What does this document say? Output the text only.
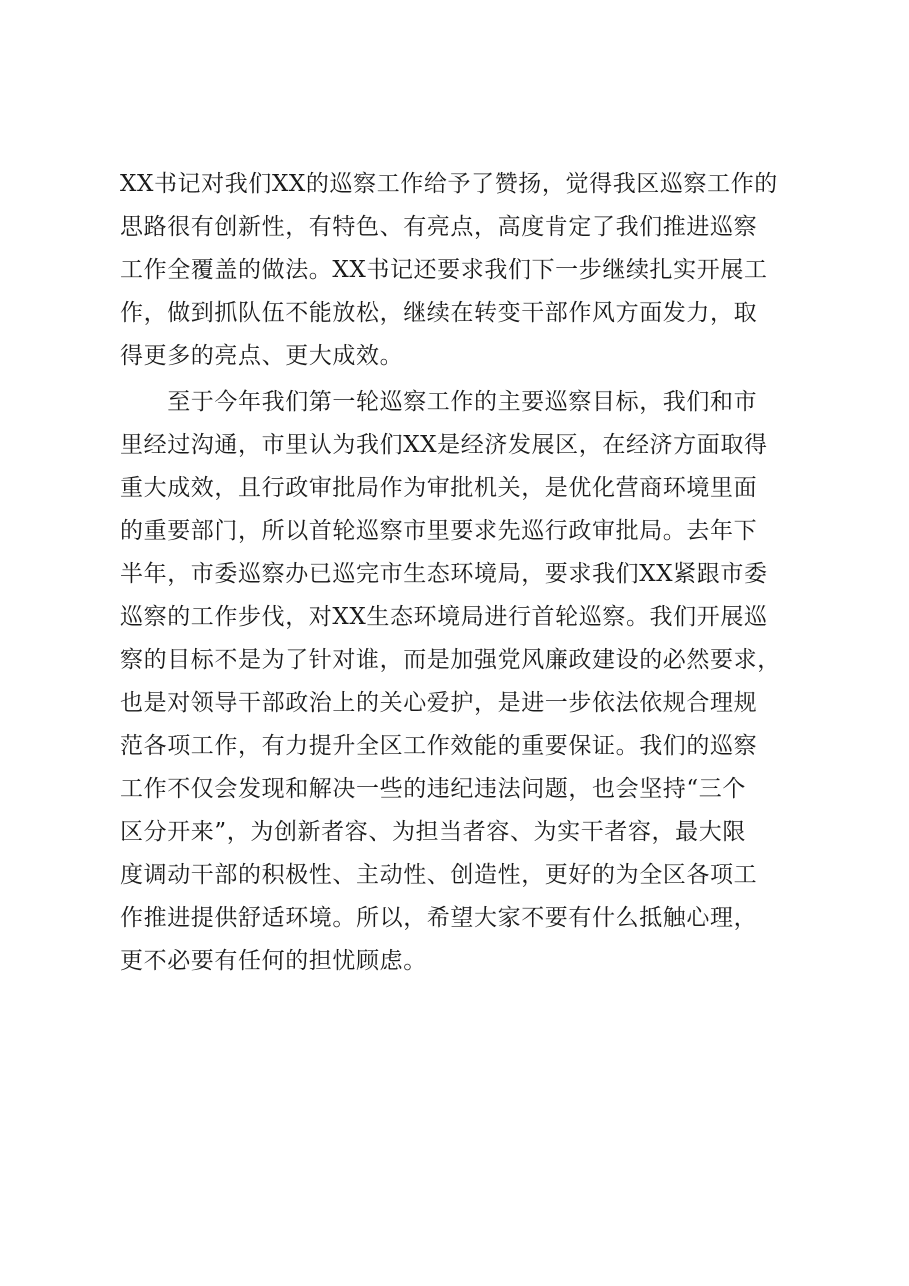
XX书记对我们XX的巡察工作给予了赞扬，觉得我区巡察工作的
思路很有创新性，有特色、有亮点，高度肯定了我们推进巡察
工作全覆盖的做法。XX书记还要求我们下一步继续扎实开展工
作，做到抓队伍不能放松，继续在转变干部作风方面发力，取
得更多的亮点、更大成效。
　　至于今年我们第一轮巡察工作的主要巡察目标，我们和市
里经过沟通，市里认为我们XX是经济发展区，在经济方面取得
重大成效，且行政审批局作为审批机关，是优化营商环境里面
的重要部门，所以首轮巡察市里要求先巡行政审批局。去年下
半年，市委巡察办已巡完市生态环境局，要求我们XX紧跟市委
巡察的工作步伐，对XX生态环境局进行首轮巡察。我们开展巡
察的目标不是为了针对谁，而是加强党风廉政建设的必然要求，
也是对领导干部政治上的关心爱护，是进一步依法依规合理规
范各项工作，有力提升全区工作效能的重要保证。我们的巡察
工作不仅会发现和解决一些的违纪违法问题，也会坚持“三个
区分开来”，为创新者容、为担当者容、为实干者容，最大限
度调动干部的积极性、主动性、创造性，更好的为全区各项工
作推进提供舒适环境。所以，希望大家不要有什么抵触心理，
更不必要有任何的担忧顾虑。
